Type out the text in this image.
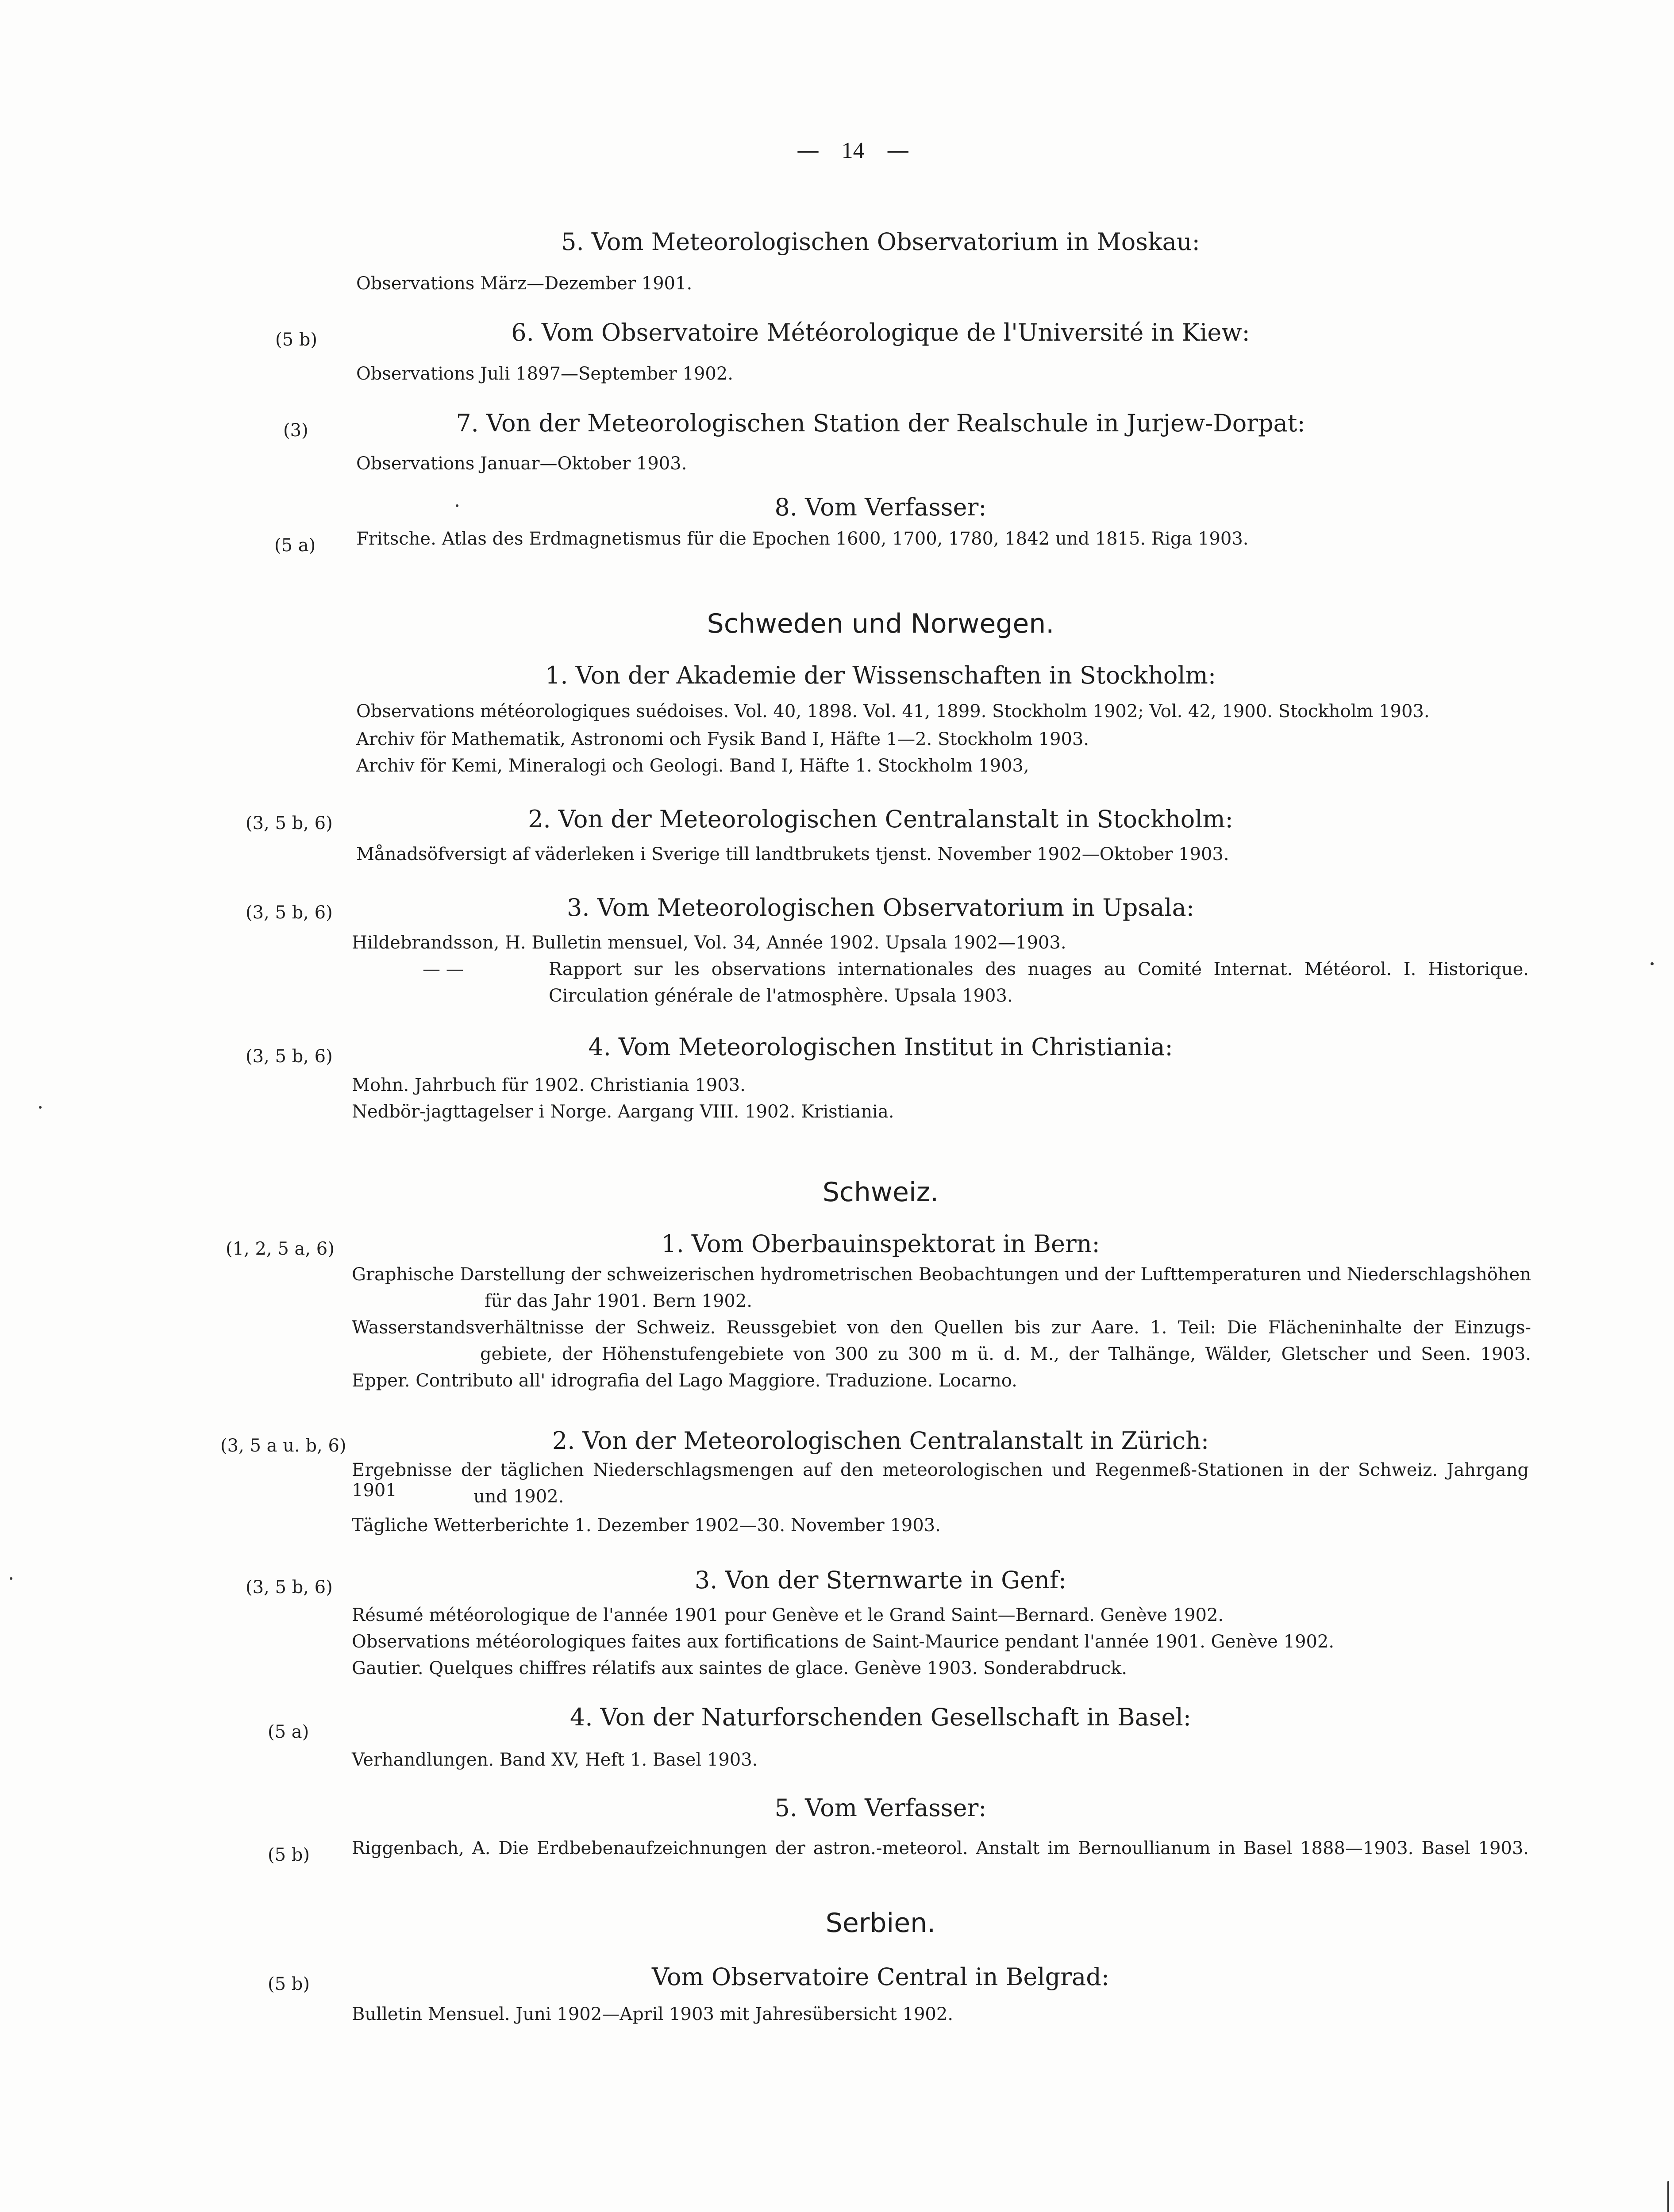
— 14 —
5. Vom Meteorologischen Observatorium in Moskau:
Observations März—Dezember 1901.
(5 b)	6. Vom Observatoire Météorologique de l'Université in Kiew:
Observations Juli 1897—September 1902.
(3)	7. Von der Meteorologischen Station der Realschule in Jurjew-Dorpat:
Observations Januar—Oktober 1903.
(5 a)
8. Vom Verfasser:
Fritsche. Atlas des Erdmagnetismus für die Epochen 1600, 1700, 1780, 1842 und 1815. Riga 1903.
Schweden und Norwegen.
1. Von der Akademie der Wissenschaften in Stockholm:
Observations météorologiques suédoises. Vol. 40, 1898. Vol. 41, 1899. Stockholm 1902; Vol. 42, 1900. Stockholm 1903.
Archiv för Mathematik, Astronomi och Fysik Band I, Häfte 1—2. Stockholm 1903.
Archiv för Kemi, Mineralogi och Geologi. Band I, Häfte 1. Stockholm 1903,
(3, 5 b, 6)	2. Von der Meteorologischen Centralanstalt in Stockholm:
Månadsöfversigt af väderleken i Sverige till landtbrukets tjenst. November 1902—Oktober 1903.
(3, 5 b, 6)	3. Vom Meteorologischen Observatorium in Upsala:
Hildebrandsson, H. Bulletin mensuel, Vol. 34, Année 1902. Upsala 1902—1903.
— —	Rapport sur les observations internationales des nuages au Comité Internat. Météorol. I. Historique.
Circulation générale de l'atmosphère. Upsala 1903.
(3, 5 b, 6)	4. Vom Meteorologischen Institut in Christiania:
Mohn. Jahrbuch für 1902. Christiania 1903.
Nedbör-jagttagelser i Norge. Aargang VIII. 1902. Kristiania.
Schweiz.
(1, 2, 5 a, 6)	1. Vom Oberbauinspektorat in Bern:
Graphische Darstellung der schweizerischen hydrometrischen Beobachtungen und der Lufttemperaturen und Niederschlagshöhen
für das Jahr 1901. Bern 1902.
Wasserstandsverhältnisse der Schweiz. Reussgebiet von den Quellen bis zur Aare. 1. Teil: Die Flächeninhalte der Einzugs-
gebiete, der Höhenstufengebiete von 300 zu 300 m ü. d. M., der Talhänge, Wälder, Gletscher und Seen. 1903.
Epper. Contributo all' idrografia del Lago Maggiore. Traduzione. Locarno.
(3, 5 a u. b, 6)	2. Von der Meteorologischen Centralanstalt in Zürich:
Ergebnisse der täglichen Niederschlagsmengen auf den meteorologischen und Regenmeß-Stationen in der Schweiz. Jahrgang 1901	und 1902.
Tägliche Wetterberichte 1. Dezember 1902—30. November 1903.
(3, 5 b, 6)	3. Von der Sternwarte in Genf:
Résumé météorologique de l'année 1901 pour Genève et le Grand Saint—Bernard. Genève 1902.
Observations météorologiques faites aux fortifications de Saint-Maurice pendant l'année 1901. Genève 1902.
Gautier. Quelques chiffres rélatifs aux saintes de glace. Genève 1903. Sonderabdruck.
(5 a)
4. Von der Naturforschenden Gesellschaft in Basel:
Verhandlungen. Band XV, Heft 1. Basel 1903.
(5 b)
5. Vom Verfasser:
Riggenbach, A. Die Erdbebenaufzeichnungen der astron.-meteorol. Anstalt im Bernoullianum in Basel 1888—1903. Basel 1903.
Serbien.
(5 b)	Vom Observatoire Central in Belgrad:
Bulletin Mensuel. Juni 1902—April 1903 mit Jahresübersicht 1902.
